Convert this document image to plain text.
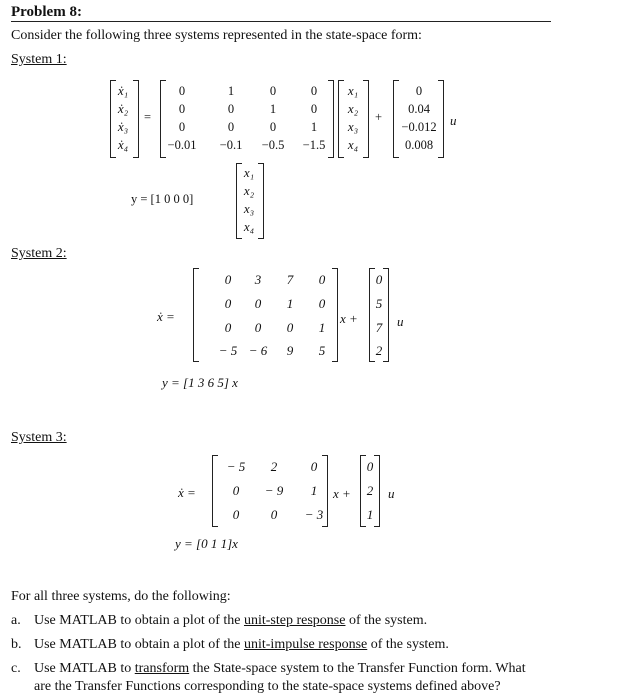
Problem 8:
Consider the following three systems represented in the state-space form:
System 1:
ẋ₁
ẋ₂
ẋ₃
ẋ₄
=
0	1	0	0
0	0	1	0
0	0	0	1
−0.01	−0.1	−0.5	−1.5
x₁
x₂
x₃
x₄
+
0
0.04
−0.012
0.008
u
y = [1 0 0 0]
x₁
x₂
x₃
x₄
System 2:
ẋ =
0	3	7	0
0	0	1	0
0	0	0	1
− 5 − 6	9	5
x +
0
5
7
2
u
y = [1 3 6 5] x
System 3:
ẋ =
− 5	2	0
0	− 9	1
0	0	− 3
x +
0
2
1
u
y = [0 1 1]x
For all three systems, do the following:
a. Use MATLAB to obtain a plot of the unit-step response of the system.
b. Use MATLAB to obtain a plot of the unit-impulse response of the system.
c. Use MATLAB to transform the State-space system to the Transfer Function form. What
are the Transfer Functions corresponding to the state-space systems defined above?
